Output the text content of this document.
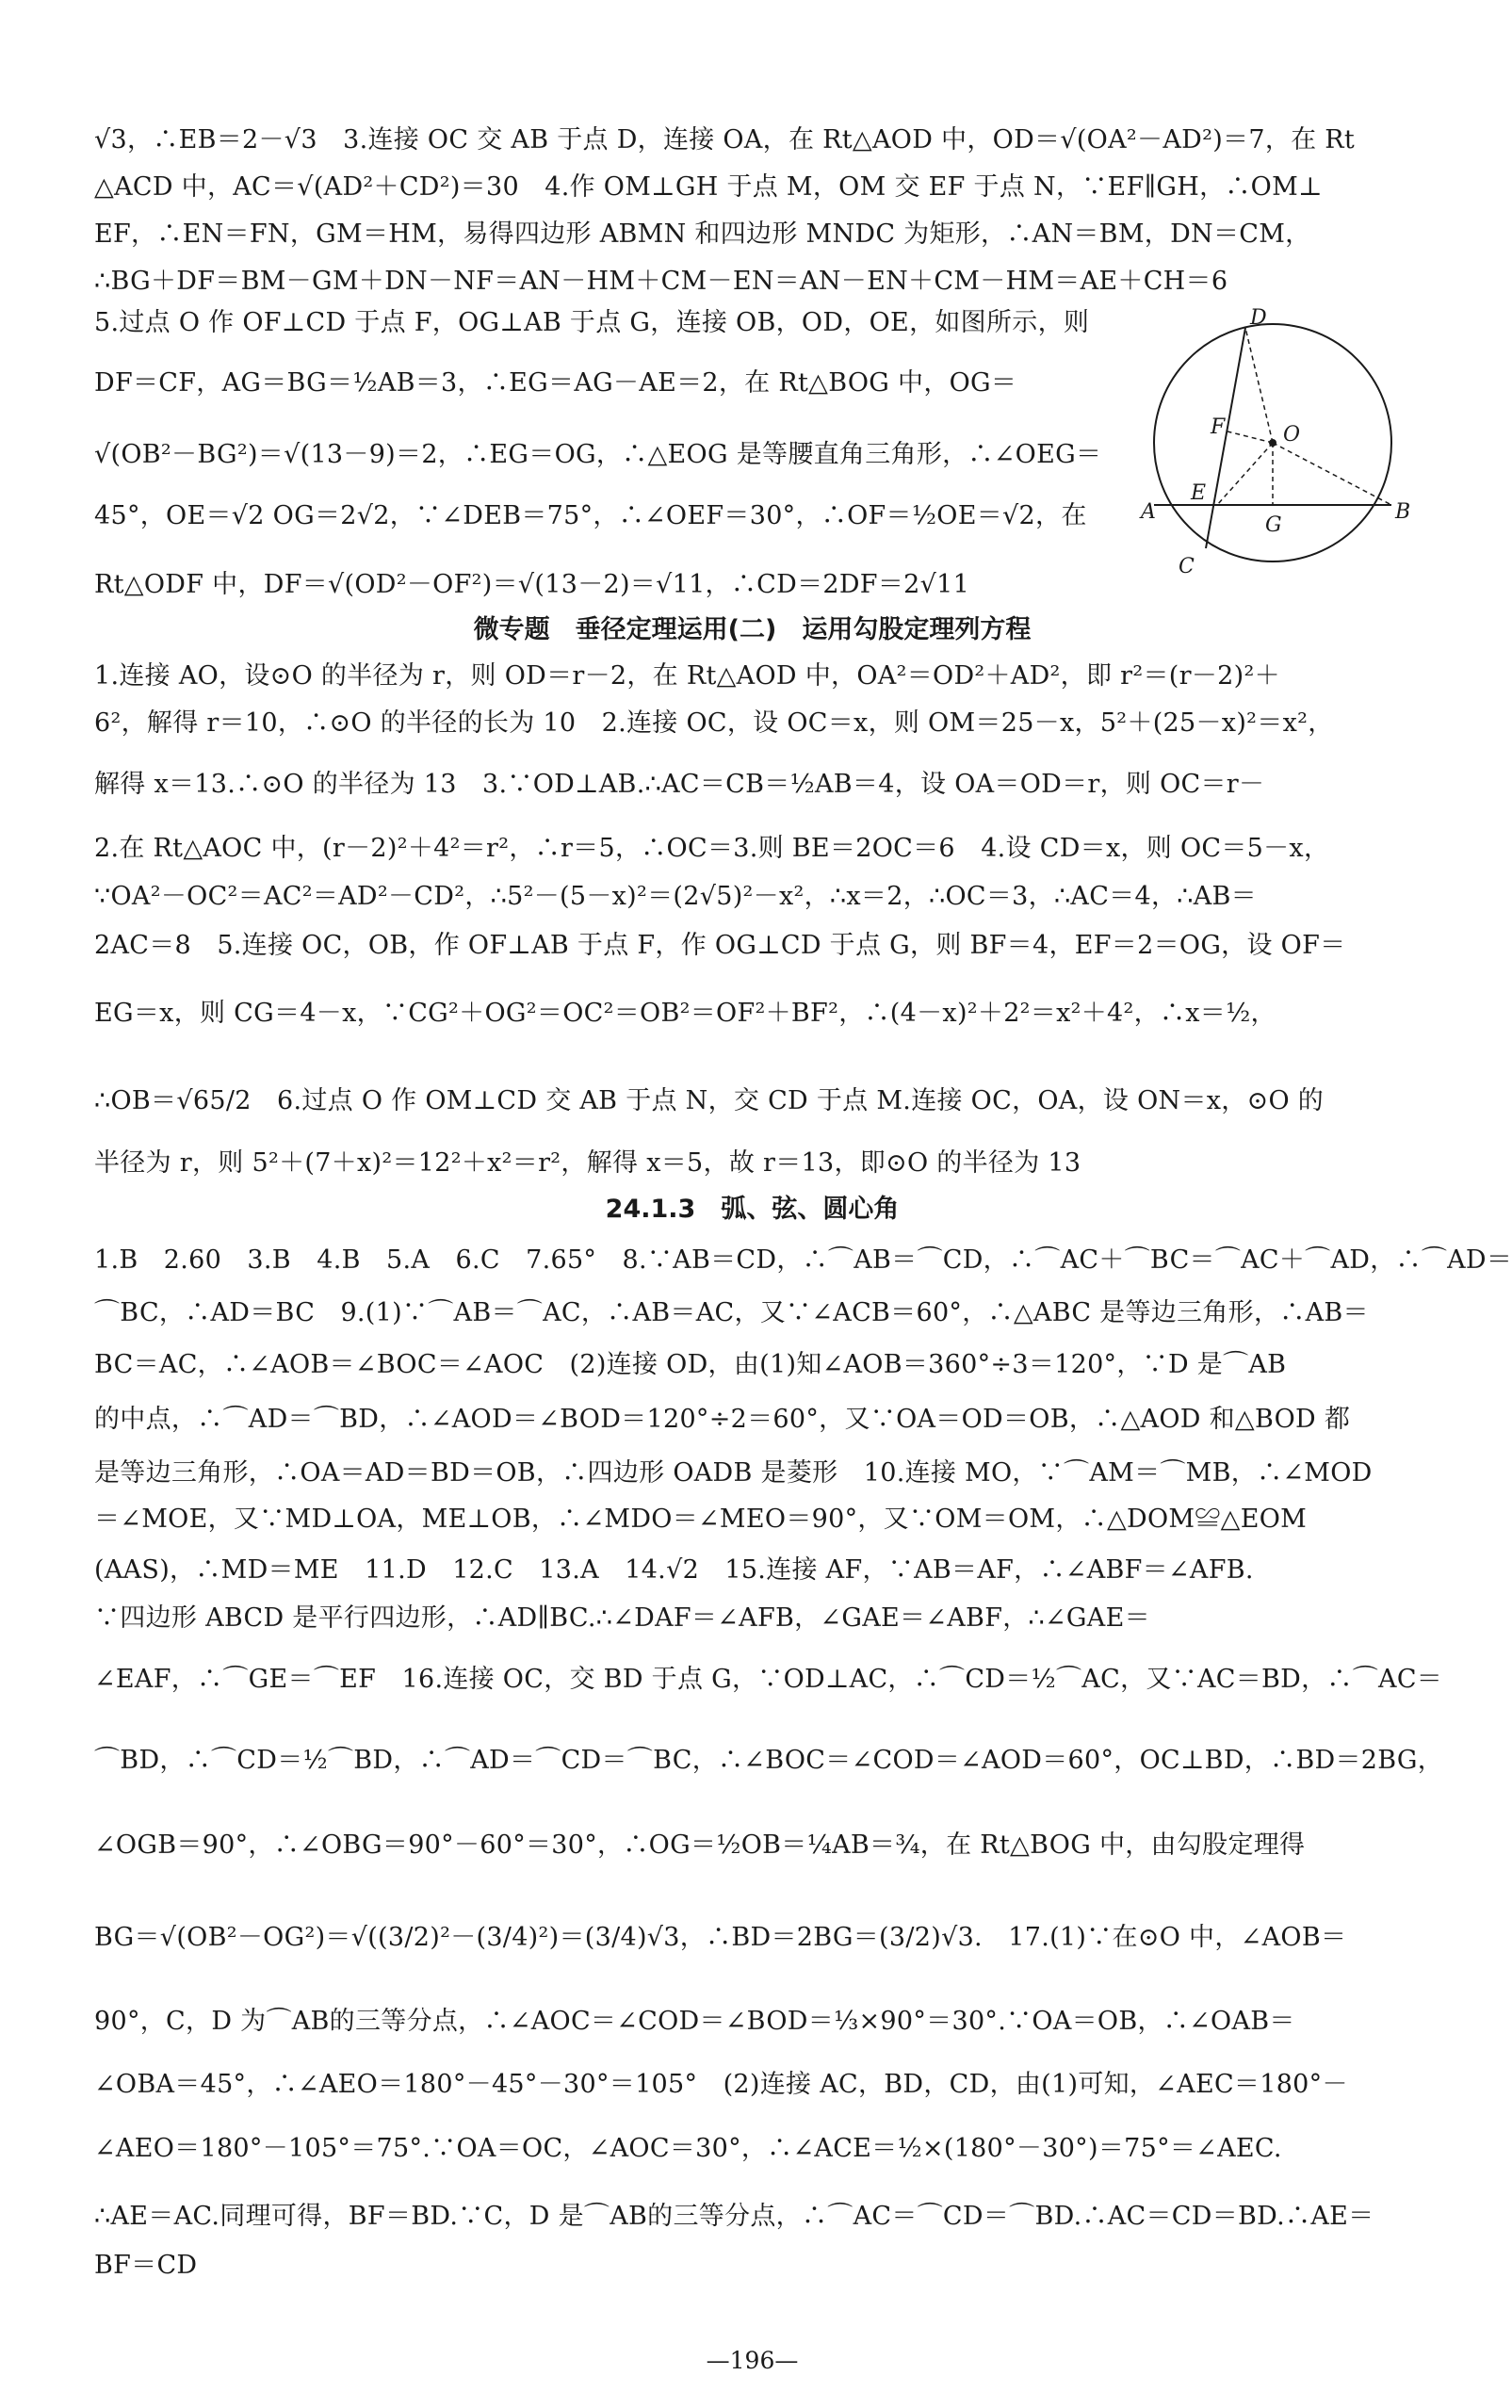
√3，∴EB＝2－√3　3.连接 OC 交 AB 于点 D，连接 OA，在 Rt△AOD 中，OD＝√(OA²－AD²)＝7，在 Rt
△ACD 中，AC＝√(AD²＋CD²)＝30　4.作 OM⊥GH 于点 M，OM 交 EF 于点 N，∵EF∥GH，∴OM⊥
EF，∴EN＝FN，GM＝HM，易得四边形 ABMN 和四边形 MNDC 为矩形，∴AN＝BM，DN＝CM，
∴BG＋DF＝BM－GM＋DN－NF＝AN－HM＋CM－EN＝AN－EN＋CM－HM＝AE＋CH＝6
5.过点 O 作 OF⊥CD 于点 F，OG⊥AB 于点 G，连接 OB，OD，OE，如图所示，则
DF＝CF，AG＝BG＝½AB＝3，∴EG＝AG－AE＝2，在 Rt△BOG 中，OG＝
√(OB²－BG²)＝√(13－9)＝2，∴EG＝OG，∴△EOG 是等腰直角三角形，∴∠OEG＝
45°，OE＝√2 OG＝2√2，∵∠DEB＝75°，∴∠OEF＝30°，∴OF＝½OE＝√2，在
Rt△ODF 中，DF＝√(OD²－OF²)＝√(13－2)＝√11，∴CD＝2DF＝2√11
微专题　垂径定理运用(二)　运用勾股定理列方程
1.连接 AO，设⊙O 的半径为 r，则 OD＝r－2，在 Rt△AOD 中，OA²＝OD²＋AD²，即 r²＝(r－2)²＋
6²，解得 r＝10，∴⊙O 的半径的长为 10　2.连接 OC，设 OC＝x，则 OM＝25－x，5²＋(25－x)²＝x²，
解得 x＝13.∴⊙O 的半径为 13　3.∵OD⊥AB.∴AC＝CB＝½AB＝4，设 OA＝OD＝r，则 OC＝r－
2.在 Rt△AOC 中，(r－2)²＋4²＝r²，∴r＝5，∴OC＝3.则 BE＝2OC＝6　4.设 CD＝x，则 OC＝5－x，
∵OA²－OC²＝AC²＝AD²－CD²，∴5²－(5－x)²＝(2√5)²－x²，∴x＝2，∴OC＝3，∴AC＝4，∴AB＝
2AC＝8　5.连接 OC，OB，作 OF⊥AB 于点 F，作 OG⊥CD 于点 G，则 BF＝4，EF＝2＝OG，设 OF＝
EG＝x，则 CG＝4－x，∵CG²＋OG²＝OC²＝OB²＝OF²＋BF²，∴(4－x)²＋2²＝x²＋4²，∴x＝½，
∴OB＝√65/2　6.过点 O 作 OM⊥CD 交 AB 于点 N，交 CD 于点 M.连接 OC，OA，设 ON＝x，⊙O 的
半径为 r，则 5²＋(7＋x)²＝12²＋x²＝r²，解得 x＝5，故 r＝13，即⊙O 的半径为 13
24.1.3　弧、弦、圆心角
1.B　2.60　3.B　4.B　5.A　6.C　7.65°　8.∵AB＝CD，∴⌒AB＝⌒CD，∴⌒AC＋⌒BC＝⌒AC＋⌒AD，∴⌒AD＝
⌒BC，∴AD＝BC　9.(1)∵⌒AB＝⌒AC，∴AB＝AC，又∵∠ACB＝60°，∴△ABC 是等边三角形，∴AB＝
BC＝AC，∴∠AOB＝∠BOC＝∠AOC　(2)连接 OD，由(1)知∠AOB＝360°÷3＝120°，∵D 是⌒AB
的中点，∴⌒AD＝⌒BD，∴∠AOD＝∠BOD＝120°÷2＝60°，又∵OA＝OD＝OB，∴△AOD 和△BOD 都
是等边三角形，∴OA＝AD＝BD＝OB，∴四边形 OADB 是菱形　10.连接 MO，∵⌒AM＝⌒MB，∴∠MOD
＝∠MOE，又∵MD⊥OA，ME⊥OB，∴∠MDO＝∠MEO＝90°，又∵OM＝OM，∴△DOM≌△EOM
(AAS)，∴MD＝ME　11.D　12.C　13.A　14.√2　15.连接 AF，∵AB＝AF，∴∠ABF＝∠AFB.
∵四边形 ABCD 是平行四边形，∴AD∥BC.∴∠DAF＝∠AFB，∠GAE＝∠ABF，∴∠GAE＝
∠EAF，∴⌒GE＝⌒EF　16.连接 OC，交 BD 于点 G，∵OD⊥AC，∴⌒CD＝½⌒AC，又∵AC＝BD，∴⌒AC＝
⌒BD，∴⌒CD＝½⌒BD，∴⌒AD＝⌒CD＝⌒BC，∴∠BOC＝∠COD＝∠AOD＝60°，OC⊥BD，∴BD＝2BG，
∠OGB＝90°，∴∠OBG＝90°－60°＝30°，∴OG＝½OB＝¼AB＝¾，在 Rt△BOG 中，由勾股定理得
BG＝√(OB²－OG²)＝√((3/2)²－(3/4)²)＝(3/4)√3，∴BD＝2BG＝(3/2)√3.　17.(1)∵在⊙O 中，∠AOB＝
90°，C，D 为⌒AB的三等分点，∴∠AOC＝∠COD＝∠BOD＝⅓×90°＝30°.∵OA＝OB，∴∠OAB＝
∠OBA＝45°，∴∠AEO＝180°－45°－30°＝105°　(2)连接 AC，BD，CD，由(1)可知，∠AEC＝180°－
∠AEO＝180°－105°＝75°.∵OA＝OC，∠AOC＝30°，∴∠ACE＝½×(180°－30°)＝75°＝∠AEC.
∴AE＝AC.同理可得，BF＝BD.∵C，D 是⌒AB的三等分点，∴⌒AC＝⌒CD＝⌒BD.∴AC＝CD＝BD.∴AE＝
BF＝CD
D
F	O
E
A
G
B
C
—196—
